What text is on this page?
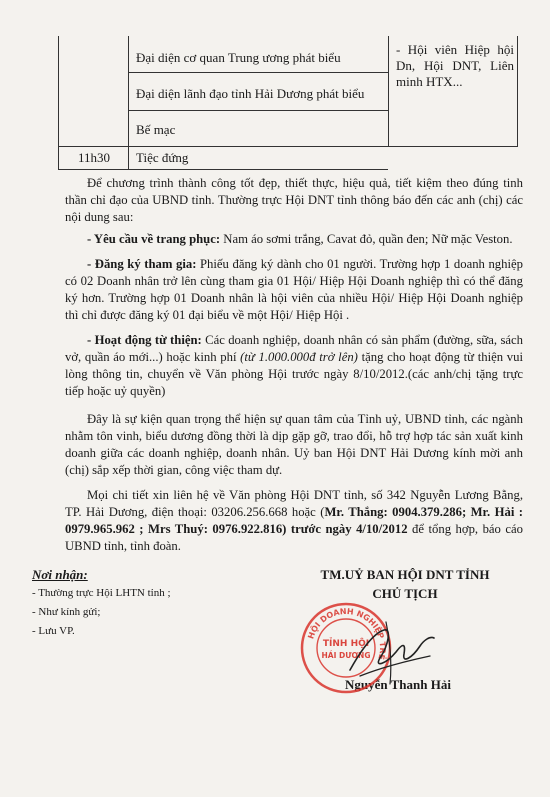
Đại diện cơ quan Trung ương phát biểu
Đại diện lãnh đạo tỉnh Hải Dương phát biểu
Bế mạc
11h30 Tiệc đứng
- Hội viên Hiệp hội Dn, Hội DNT, Liên minh HTX...

Để chương trình thành công tốt đẹp, thiết thực, hiệu quả, tiết kiệm theo đúng tinh thần chỉ đạo của UBND tỉnh. Thường trực Hội DNT tỉnh thông báo đến các anh (chị) các nội dung sau:

- Yêu cầu về trang phục: Nam áo sơmi trắng, Cavat đỏ, quần đen; Nữ mặc Veston.

- Đăng ký tham gia: Phiếu đăng ký dành cho 01 người. Trường hợp 1 doanh nghiệp có 02 Doanh nhân trở lên cùng tham gia 01 Hội/ Hiệp Hội Doanh nghiệp thì có thể đăng ký hơn. Trường hợp 01 Doanh nhân là hội viên của nhiều Hội/ Hiệp Hội Doanh nghiệp thì chỉ được đăng ký 01 đại biểu về một Hội/ Hiệp Hội .

- Hoạt động từ thiện: Các doanh nghiệp, doanh nhân có sản phẩm (đường, sữa, sách vở, quần áo mới...) hoặc kinh phí (từ 1.000.000đ trở lên) tặng cho hoạt động từ thiện vui lòng thông tin, chuyển về Văn phòng Hội trước ngày 8/10/2012.(các anh/chị tặng trực tiếp hoặc uỷ quyền)

Đây là sự kiện quan trọng thể hiện sự quan tâm của Tỉnh uỷ, UBND tỉnh, các ngành nhằm tôn vinh, biểu dương đồng thời là dịp gặp gỡ, trao đổi, hỗ trợ hợp tác sản xuất kinh doanh giữa các doanh nghiệp, doanh nhân. Uỷ ban Hội DNT Hải Dương kính mời anh (chị) sắp xếp thời gian, công việc tham dự.

Mọi chi tiết xin liên hệ về Văn phòng Hội DNT tỉnh, số 342 Nguyễn Lương Bằng, TP. Hải Dương, điện thoại: 03206.256.668 hoặc (Mr. Thắng: 0904.379.286; Mr. Hải : 0979.965.962 ; Mrs Thuý: 0976.922.816) trước ngày 4/10/2012 để tổng hợp, báo cáo UBND tỉnh, tỉnh đoàn.

Nơi nhận:
- Thường trực Hội LHTN tỉnh ;
- Như kính gửi;
- Lưu VP.
TM.UỶ BAN HỘI DNT TỈNH
CHỦ TỊCH
Nguyễn Thanh Hải
HỘI DOANH NGHIỆP TRẺ
TỈNH HỘI
HẢI DƯƠNG
